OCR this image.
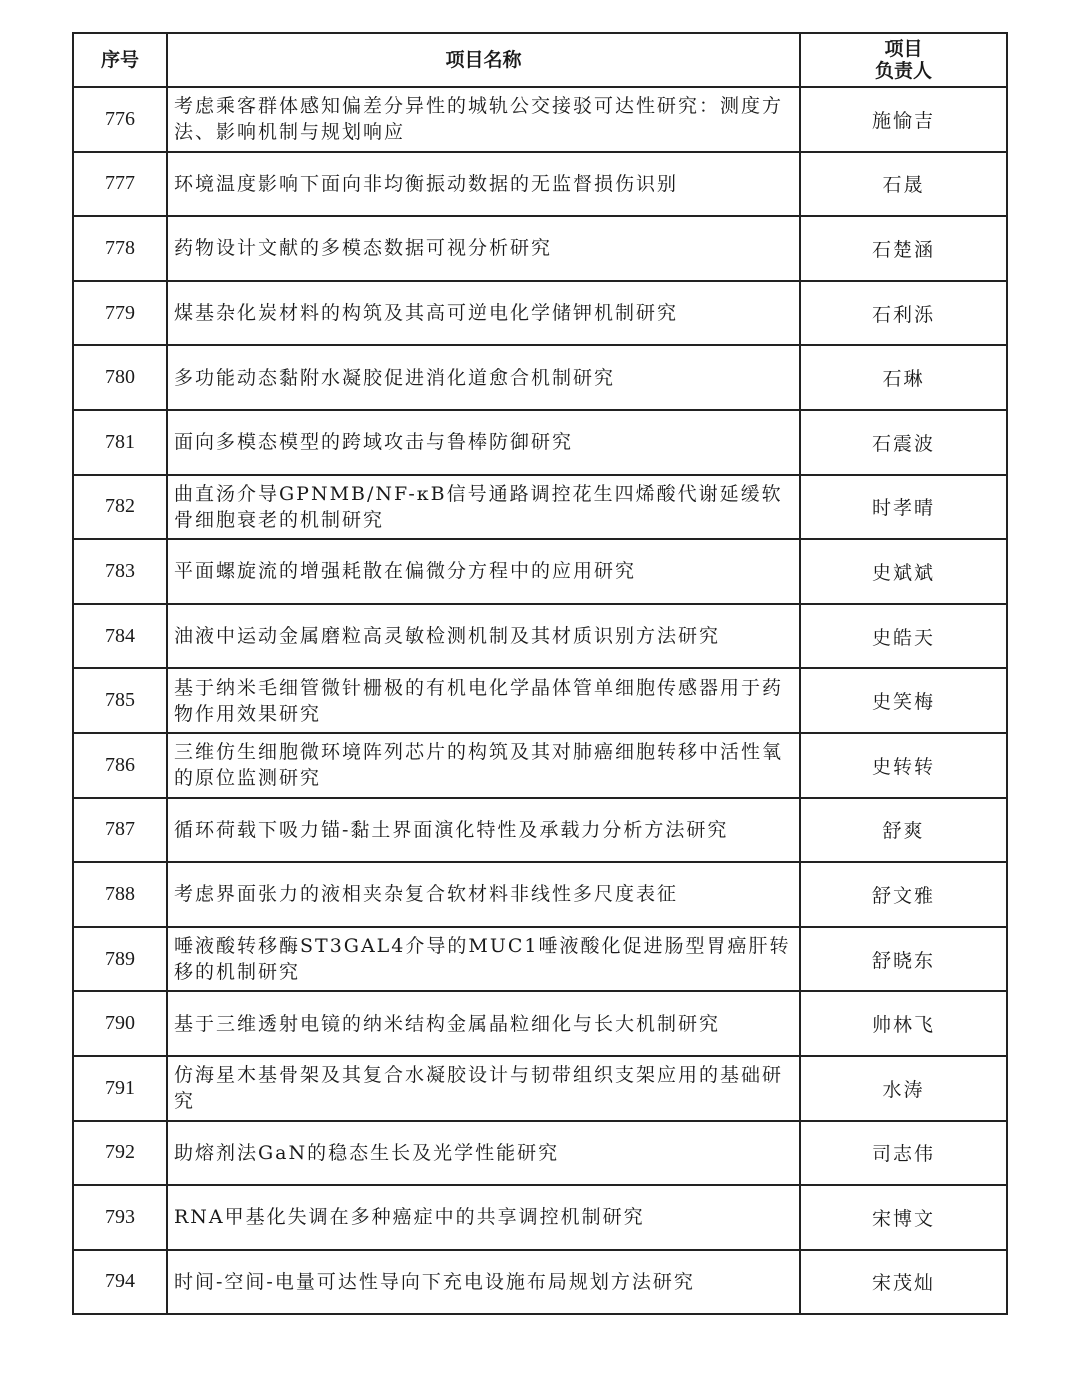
序号	项目名称	项目
负责人

776	考虑乘客群体感知偏差分异性的城轨公交接驳可达性研究：测度方法、影响机制与规划响应	施愉吉
777	环境温度影响下面向非均衡振动数据的无监督损伤识别	石晟
778	药物设计文献的多模态数据可视分析研究	石楚涵
779	煤基杂化炭材料的构筑及其高可逆电化学储钾机制研究	石利泺
780	多功能动态黏附水凝胶促进消化道愈合机制研究	石琳
781	面向多模态模型的跨域攻击与鲁棒防御研究	石震波
782	曲直汤介导GPNMB/NF-κB信号通路调控花生四烯酸代谢延缓软骨细胞衰老的机制研究	时孝晴
783	平面螺旋流的增强耗散在偏微分方程中的应用研究	史斌斌
784	油液中运动金属磨粒高灵敏检测机制及其材质识别方法研究	史皓天
785	基于纳米毛细管微针栅极的有机电化学晶体管单细胞传感器用于药物作用效果研究	史笑梅
786	三维仿生细胞微环境阵列芯片的构筑及其对肺癌细胞转移中活性氧的原位监测研究	史转转
787	循环荷载下吸力锚-黏土界面演化特性及承载力分析方法研究	舒爽
788	考虑界面张力的液相夹杂复合软材料非线性多尺度表征	舒文雅
789	唾液酸转移酶ST3GAL4介导的MUC1唾液酸化促进肠型胃癌肝转移的机制研究	舒晓东
790	基于三维透射电镜的纳米结构金属晶粒细化与长大机制研究	帅林飞
791	仿海星木基骨架及其复合水凝胶设计与韧带组织支架应用的基础研究	水涛
792	助熔剂法GaN的稳态生长及光学性能研究	司志伟
793	RNA甲基化失调在多种癌症中的共享调控机制研究	宋博文
794	时间-空间-电量可达性导向下充电设施布局规划方法研究	宋茂灿
